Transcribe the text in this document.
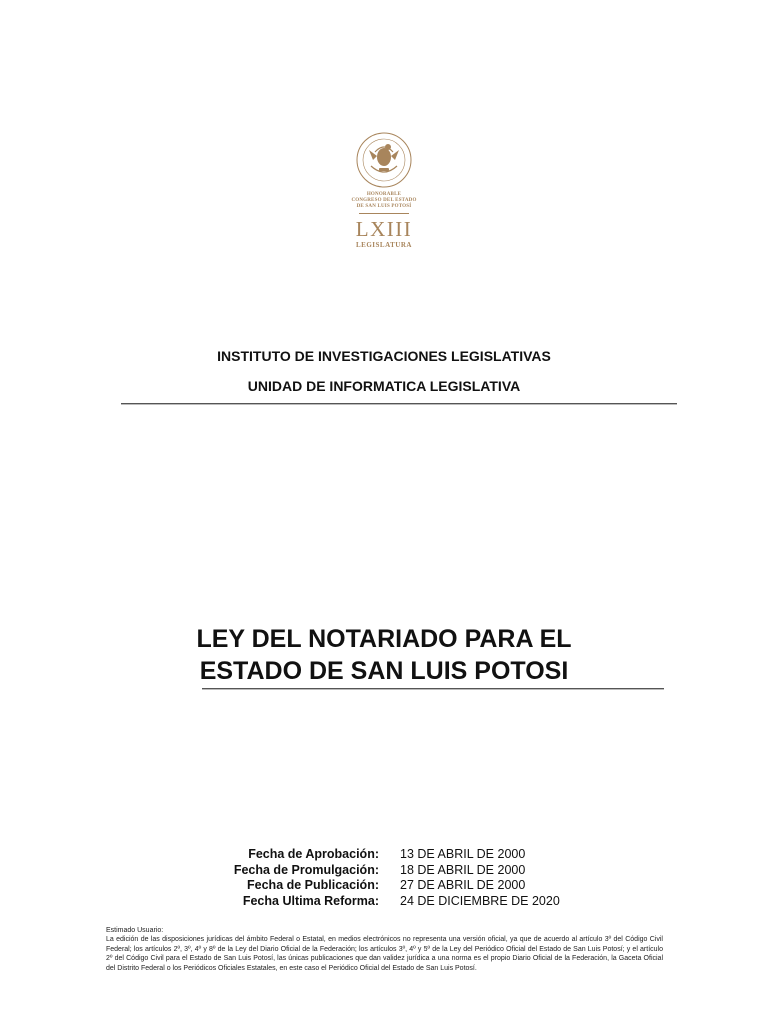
HONORABLE
CONGRESO DEL ESTADO
DE SAN LUIS POTOSÍ
LXIII
LEGISLATURA
INSTITUTO DE INVESTIGACIONES LEGISLATIVAS
UNIDAD DE INFORMATICA LEGISLATIVA
LEY DEL NOTARIADO PARA EL
ESTADO DE SAN LUIS POTOSI
Fecha de Aprobación:
Fecha de Promulgación:
Fecha de Publicación:
Fecha Ultima Reforma:
13 DE ABRIL DE 2000
18 DE ABRIL DE 2000
27 DE ABRIL DE 2000
24 DE DICIEMBRE DE 2020

Estimado Usuario:

La edición de las disposiciones jurídicas del ámbito Federal o Estatal, en medios electrónicos no representa una versión oficial, ya que de acuerdo al artículo 3º del Código Civil Federal; los artículos 2º, 3º, 4º y 8º de la Ley del Diario Oficial de la Federación; los artículos 3º, 4º y 5º de la Ley del Periódico Oficial del Estado de San Luis Potosí; y el artículo 2º del Código Civil para el Estado de San Luis Potosí, las únicas publicaciones que dan validez jurídica a una norma es el propio Diario Oficial de la Federación, la Gaceta Oficial del Distrito Federal o los Periódicos Oficiales Estatales, en este caso el Periódico Oficial del Estado de San Luis Potosí.
